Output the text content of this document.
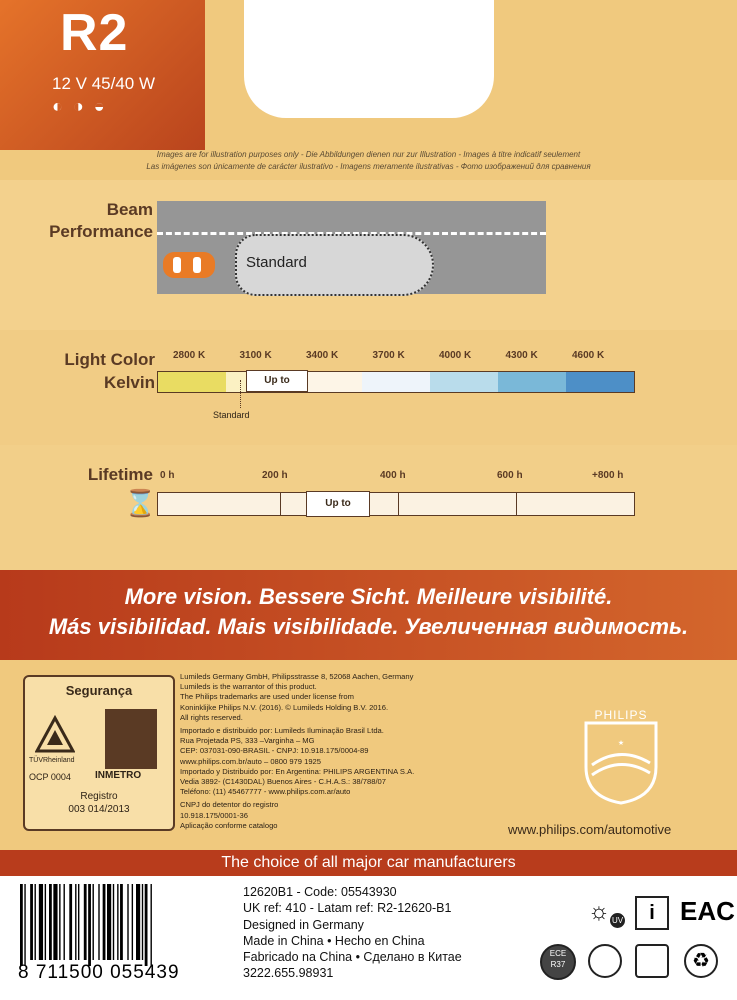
R2
12 V 45/40 W
◐◑◒
Images are for illustration purposes only - Die Abbildungen dienen nur zur Illustration - Images à titre indicatif seulement
Las imágenes son únicamente de carácter ilustrativo - Imagens meramente ilustrativas - Фото изображений для сравнения
Beam
Performance
Standard
Light Color
Kelvin
2800 K	3100 K	3400 K	3700 K	4000 K	4300 K	4600 K
Up to
Standard
Lifetime
⌛
0 h	200 h	400 h	600 h	+800 h
Up to

More vision. Bessere Sicht. Meilleure visibilité.

Más visibilidad. Mais visibilidade. Увеличенная видимость.

Segurança
TÜVRheinland
OCP 0004 INMETRO
Registro
003 014/2013
Lumileds Germany GmbH, Philipsstrasse 8, 52068 Aachen, Germany
Lumileds is the warrantor of this product.
The Philips trademarks are used under license from
Koninklijke Philips N.V. (2016). © Lumileds Holding B.V. 2016.
All rights reserved.
Importado e distribuido por: Lumileds Iluminação Brasil Ltda.
Rua Projetada PS, 333 –Varginha – MG
CEP: 037031-090-BRASIL - CNPJ: 10.918.175/0004-89
www.philips.com.br/auto – 0800 979 1925
Importado y Distribuido por: En Argentina: PHILIPS ARGENTINA S.A.
Vedia 3892- (C1430DAL) Buenos Aires - C.H.A.S.: 38/788/07
Teléfono: (11) 45467777 - www.philips.com.ar/auto
CNPJ do detentor do registro
10.918.175/0001-36
Aplicação conforme catalogo
★
PHILIPS
www.philips.com/automotive
The choice of all major car manufacturers
8 711500 055439
12620B1 - Code: 05543930
UK ref: 410 - Latam ref: R2-12620-B1
Designed in Germany
Made in China • Hecho en China
Fabricado na China • Сделано в Китае
3222.655.98931
☼ UV	i EAC
ECE R37	♻
